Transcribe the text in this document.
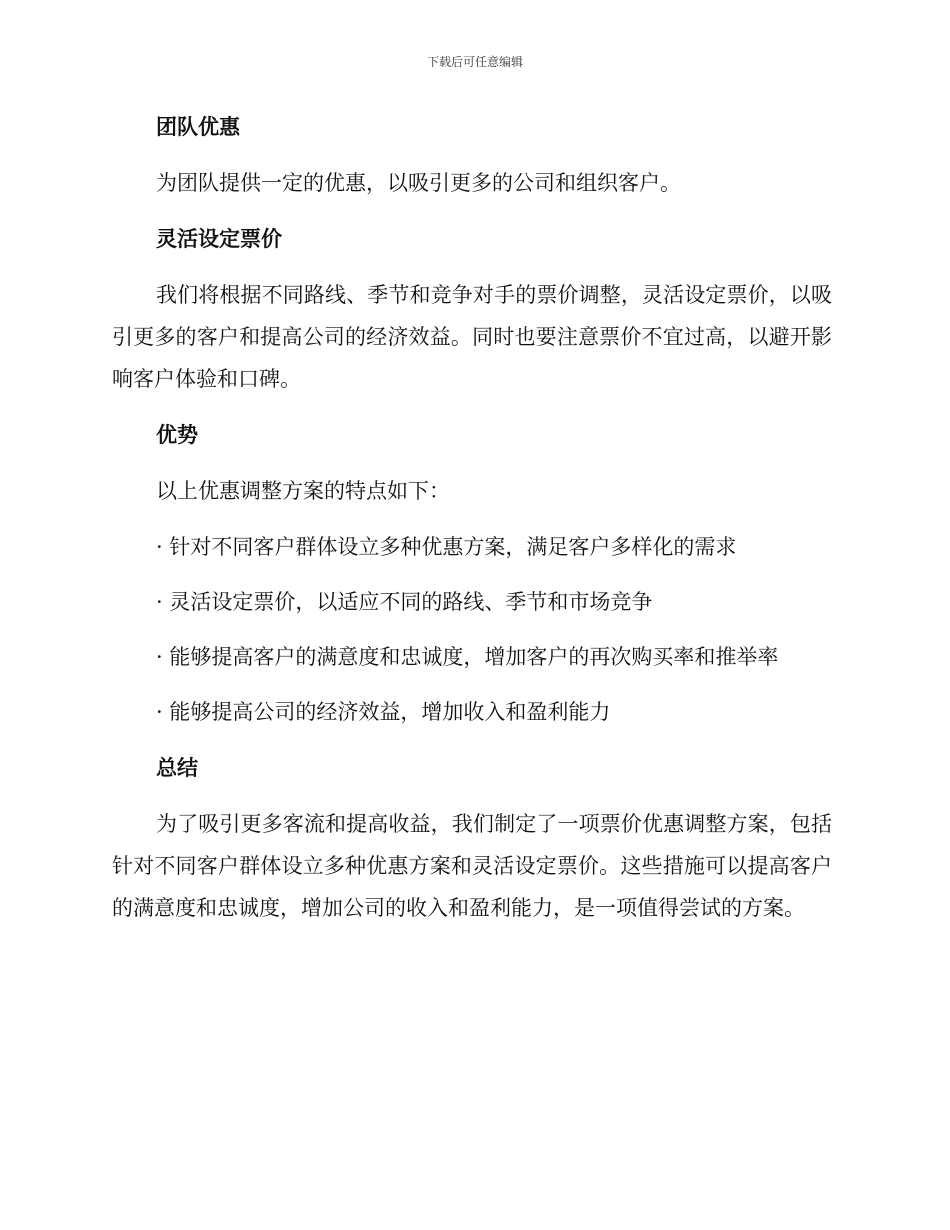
下载后可任意编辑
团队优惠

为团队提供一定的优惠，以吸引更多的公司和组织客户。

灵活设定票价

我们将根据不同路线、季节和竞争对手的票价调整，灵活设定票价，以吸引更多的客户和提高公司的经济效益。同时也要注意票价不宜过高，以避开影响客户体验和口碑。

优势

以上优惠调整方案的特点如下：

· 针对不同客户群体设立多种优惠方案，满足客户多样化的需求

· 灵活设定票价，以适应不同的路线、季节和市场竞争

· 能够提高客户的满意度和忠诚度，增加客户的再次购买率和推举率

· 能够提高公司的经济效益，增加收入和盈利能力

总结

为了吸引更多客流和提高收益，我们制定了一项票价优惠调整方案，包括针对不同客户群体设立多种优惠方案和灵活设定票价。这些措施可以提高客户的满意度和忠诚度，增加公司的收入和盈利能力，是一项值得尝试的方案。
